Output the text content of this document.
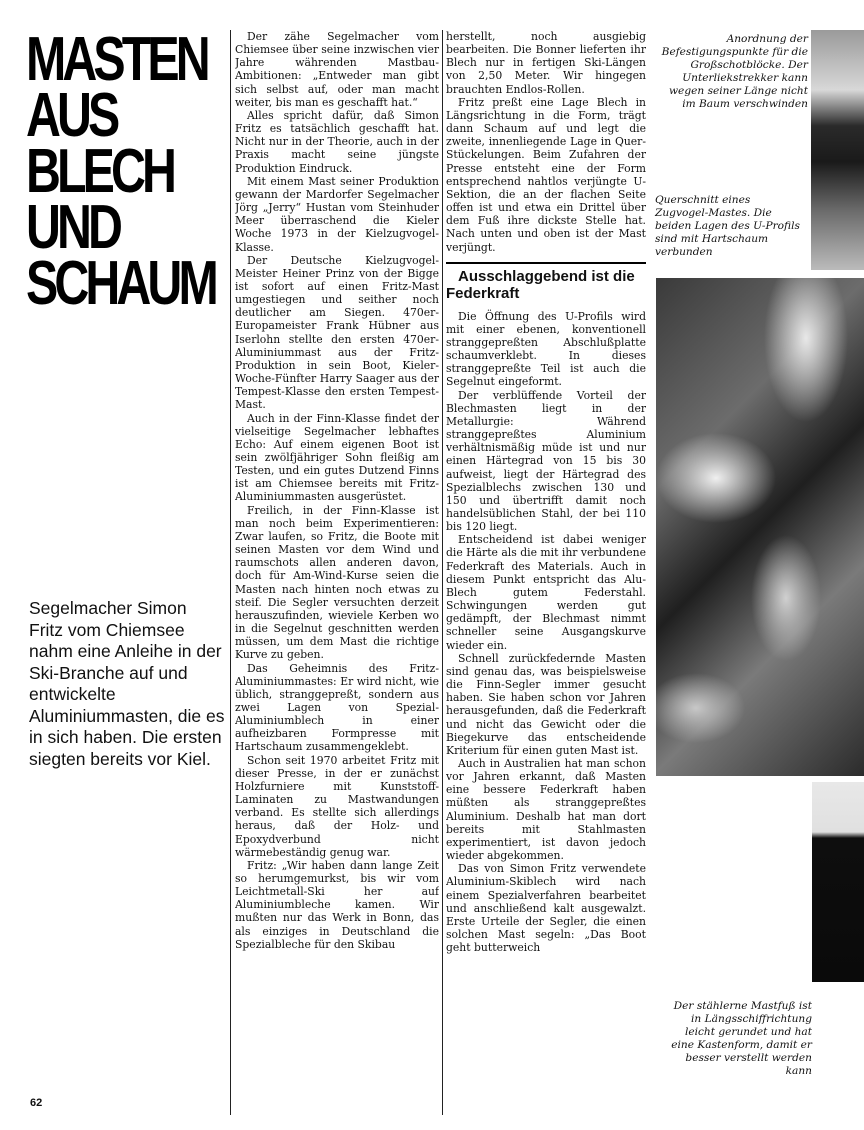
MASTEN
AUS
BLECH
UND
SCHAUM
Segelmacher Simon Fritz vom Chiemsee nahm eine Anleihe in der Ski-Branche auf und entwickelte Aluminiummasten, die es in sich haben. Die ersten siegten bereits vor Kiel.

Der zähe Segelmacher vom Chiemsee über seine inzwischen vier Jahre währenden Mastbau-Ambitionen: „Entweder man gibt sich selbst auf, oder man macht weiter, bis man es geschafft hat.“

Alles spricht dafür, daß Simon Fritz es tatsächlich geschafft hat. Nicht nur in der Theorie, auch in der Praxis macht seine jüngste Produktion Eindruck.

Mit einem Mast seiner Produktion gewann der Mardorfer Segelmacher Jörg „Jerry“ Hustan vom Steinhuder Meer überraschend die Kieler Woche 1973 in der Kielzugvogel-Klasse.

Der Deutsche Kielzugvogel-Meister Heiner Prinz von der Bigge ist sofort auf einen Fritz-Mast umgestiegen und seither noch deutlicher am Siegen. 470er-Europameister Frank Hübner aus Iserlohn stellte den ersten 470er-Aluminiummast aus der Fritz-Produktion in sein Boot, Kieler-Woche-Fünfter Harry Saager aus der Tempest-Klasse den ersten Tempest-Mast.

Auch in der Finn-Klasse findet der vielseitige Segelmacher lebhaftes Echo: Auf einem eigenen Boot ist sein zwölfjähriger Sohn fleißig am Testen, und ein gutes Dutzend Finns ist am Chiemsee bereits mit Fritz-Aluminiummasten ausgerüstet.

Freilich, in der Finn-Klasse ist man noch beim Experimentieren: Zwar laufen, so Fritz, die Boote mit seinen Masten vor dem Wind und raumschots allen anderen davon, doch für Am-Wind-Kurse seien die Masten nach hinten noch etwas zu steif. Die Segler versuchten derzeit herauszufinden, wieviele Kerben wo in die Segelnut geschnitten werden müssen, um dem Mast die richtige Kurve zu geben.

Das Geheimnis des Fritz-Aluminiummastes: Er wird nicht, wie üblich, stranggepreßt, sondern aus zwei Lagen von Spezial-Aluminiumblech in einer aufheizbaren Formpresse mit Hartschaum zusammengeklebt.

Schon seit 1970 arbeitet Fritz mit dieser Presse, in der er zunächst Holzfurniere mit Kunststoff-Laminaten zu Mastwandungen verband. Es stellte sich allerdings heraus, daß der Holz- und Epoxydverbund nicht wärmebeständig genug war.

Fritz: „Wir haben dann lange Zeit so herumgemurkst, bis wir vom Leichtmetall-Ski her auf Aluminiumbleche kamen. Wir mußten nur das Werk in Bonn, das als einziges in Deutschland die Spezialbleche für den Skibau

herstellt, noch ausgiebig bearbeiten. Die Bonner lieferten ihr Blech nur in fertigen Ski-Längen von 2,50 Meter. Wir hingegen brauchten Endlos-Rollen.

Fritz preßt eine Lage Blech in Längsrichtung in die Form, trägt dann Schaum auf und legt die zweite, innenliegende Lage in Quer-Stückelungen. Beim Zufahren der Presse entsteht eine der Form entsprechend nahtlos verjüngte U-Sektion, die an der flachen Seite offen ist und etwa ein Drittel über dem Fuß ihre dickste Stelle hat. Nach unten und oben ist der Mast verjüngt.

Ausschlaggebend ist die Federkraft

Die Öffnung des U-Profils wird mit einer ebenen, konventionell stranggepreßten Abschlußplatte schaumverklebt. In dieses stranggepreßte Teil ist auch die Segelnut eingeformt.

Der verblüffende Vorteil der Blechmasten liegt in der Metallurgie: Während stranggepreßtes Aluminium verhältnismäßig müde ist und nur einen Härtegrad von 15 bis 30 aufweist, liegt der Härtegrad des Spezialblechs zwischen 130 und 150 und übertrifft damit noch handelsüblichen Stahl, der bei 110 bis 120 liegt.

Entscheidend ist dabei weniger die Härte als die mit ihr verbundene Federkraft des Materials. Auch in diesem Punkt entspricht das Alu-Blech gutem Federstahl. Schwingungen werden gut gedämpft, der Blechmast nimmt schneller seine Ausgangskurve wieder ein.

Schnell zurückfedernde Masten sind genau das, was beispielsweise die Finn-Segler immer gesucht haben. Sie haben schon vor Jahren herausgefunden, daß die Federkraft und nicht das Gewicht oder die Biegekurve das entscheidende Kriterium für einen guten Mast ist.

Auch in Australien hat man schon vor Jahren erkannt, daß Masten eine bessere Federkraft haben müßten als stranggepreßtes Aluminium. Deshalb hat man dort bereits mit Stahlmasten experimentiert, ist davon jedoch wieder abgekommen.

Das von Simon Fritz verwendete Aluminium-Skiblech wird nach einem Spezialverfahren bearbeitet und anschließend kalt ausgewalzt. Erste Urteile der Segler, die einen solchen Mast segeln: „Das Boot geht butterweich

Anordnung der Befestigungspunkte für die Großschotblöcke. Der Unterliekstrekker kann wegen seiner Länge nicht im Baum verschwinden
Querschnitt eines Zugvogel-Mastes. Die beiden Lagen des U-Profils sind mit Hartschaum verbunden
Der stählerne Mastfuß ist in Längsschiffrichtung leicht gerundet und hat eine Kastenform, damit er besser verstellt werden kann
62
